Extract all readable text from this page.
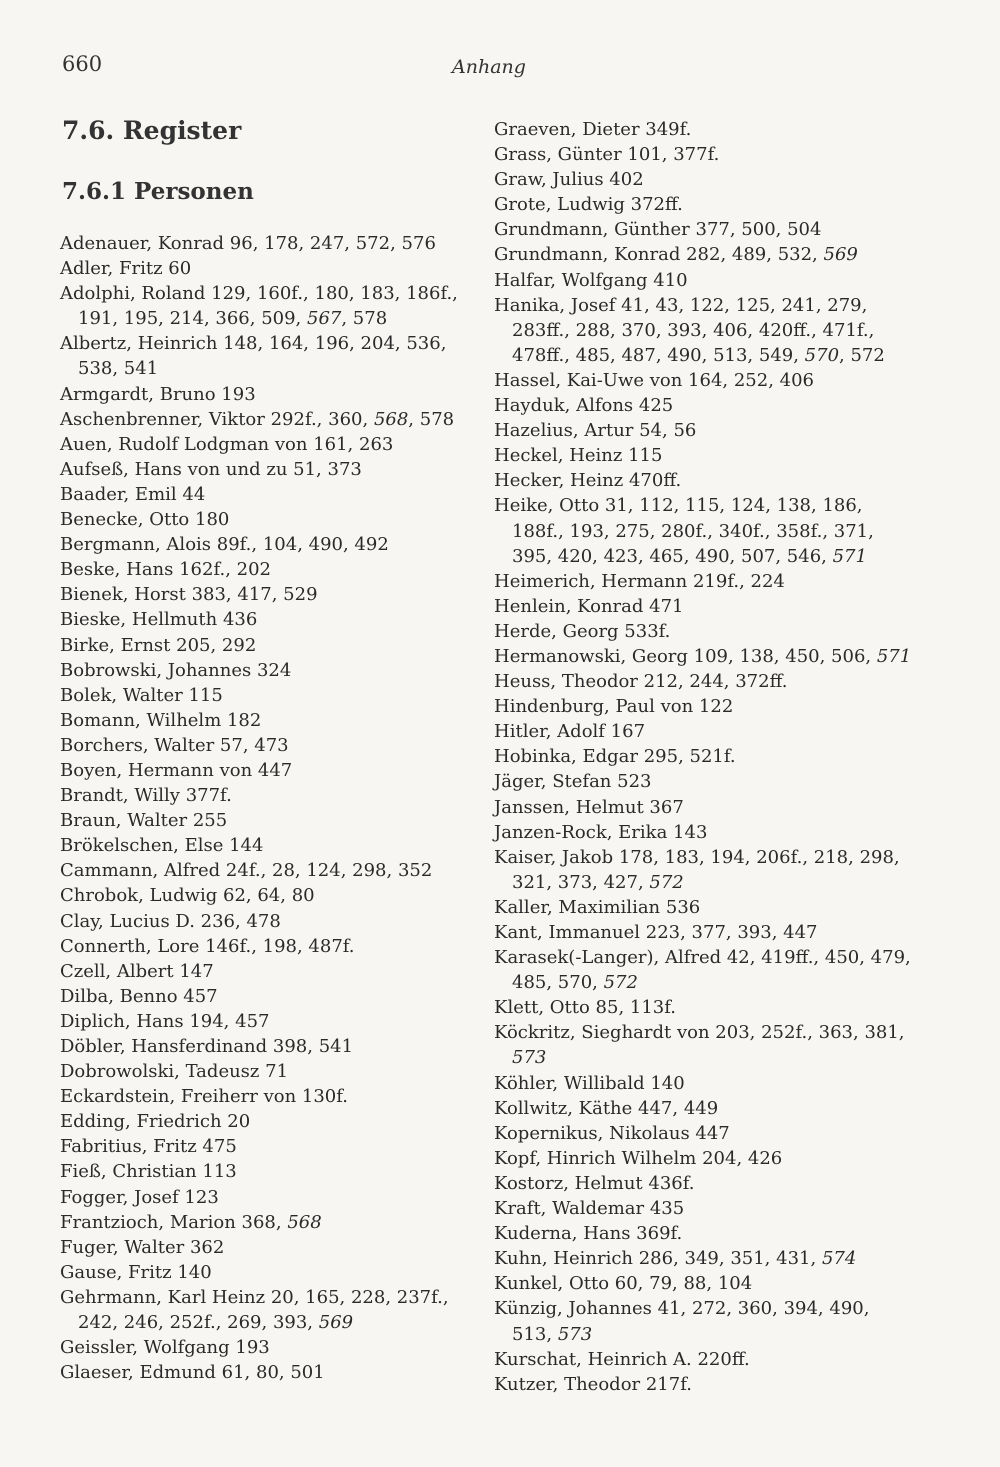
660	Anhang
7.6. Register
7.6.1 Personen
Adenauer, Konrad 96, 178, 247, 572, 576
Adler, Fritz 60
Adolphi, Roland 129, 160f., 180, 183, 186f., 191, 195, 214, 366, 509, 567, 578
Albertz, Heinrich 148, 164, 196, 204, 536, 538, 541
Armgardt, Bruno 193
Aschenbrenner, Viktor 292f., 360, 568, 578
Auen, Rudolf Lodgman von 161, 263
Aufseß, Hans von und zu 51, 373
Baader, Emil 44
Benecke, Otto 180
Bergmann, Alois 89f., 104, 490, 492
Beske, Hans 162f., 202
Bienek, Horst 383, 417, 529
Bieske, Hellmuth 436
Birke, Ernst 205, 292
Bobrowski, Johannes 324
Bolek, Walter 115
Bomann, Wilhelm 182
Borchers, Walter 57, 473
Boyen, Hermann von 447
Brandt, Willy 377f.
Braun, Walter 255
Brökelschen, Else 144
Cammann, Alfred 24f., 28, 124, 298, 352
Chrobok, Ludwig 62, 64, 80
Clay, Lucius D. 236, 478
Connerth, Lore 146f., 198, 487f.
Czell, Albert 147
Dilba, Benno 457
Diplich, Hans 194, 457
Döbler, Hansferdinand 398, 541
Dobrowolski, Tadeusz 71
Eckardstein, Freiherr von 130f.
Edding, Friedrich 20
Fabritius, Fritz 475
Fieß, Christian 113
Fogger, Josef 123
Frantzioch, Marion 368, 568
Fuger, Walter 362
Gause, Fritz 140
Gehrmann, Karl Heinz 20, 165, 228, 237f., 242, 246, 252f., 269, 393, 569
Geissler, Wolfgang 193
Glaeser, Edmund 61, 80, 501
Graeven, Dieter 349f.
Grass, Günter 101, 377f.
Graw, Julius 402
Grote, Ludwig 372ff.
Grundmann, Günther 377, 500, 504
Grundmann, Konrad 282, 489, 532, 569
Halfar, Wolfgang 410
Hanika, Josef 41, 43, 122, 125, 241, 279, 283ff., 288, 370, 393, 406, 420ff., 471f., 478ff., 485, 487, 490, 513, 549, 570, 572
Hassel, Kai-Uwe von 164, 252, 406
Hayduk, Alfons 425
Hazelius, Artur 54, 56
Heckel, Heinz 115
Hecker, Heinz 470ff.
Heike, Otto 31, 112, 115, 124, 138, 186, 188f., 193, 275, 280f., 340f., 358f., 371, 395, 420, 423, 465, 490, 507, 546, 571
Heimerich, Hermann 219f., 224
Henlein, Konrad 471
Herde, Georg 533f.
Hermanowski, Georg 109, 138, 450, 506, 571
Heuss, Theodor 212, 244, 372ff.
Hindenburg, Paul von 122
Hitler, Adolf 167
Hobinka, Edgar 295, 521f.
Jäger, Stefan 523
Janssen, Helmut 367
Janzen-Rock, Erika 143
Kaiser, Jakob 178, 183, 194, 206f., 218, 298, 321, 373, 427, 572
Kaller, Maximilian 536
Kant, Immanuel 223, 377, 393, 447
Karasek(-Langer), Alfred 42, 419ff., 450, 479, 485, 570, 572
Klett, Otto 85, 113f.
Köckritz, Sieghardt von 203, 252f., 363, 381, 573
Köhler, Willibald 140
Kollwitz, Käthe 447, 449
Kopernikus, Nikolaus 447
Kopf, Hinrich Wilhelm 204, 426
Kostorz, Helmut 436f.
Kraft, Waldemar 435
Kuderna, Hans 369f.
Kuhn, Heinrich 286, 349, 351, 431, 574
Kunkel, Otto 60, 79, 88, 104
Künzig, Johannes 41, 272, 360, 394, 490, 513, 573
Kurschat, Heinrich A. 220ff.
Kutzer, Theodor 217f.
